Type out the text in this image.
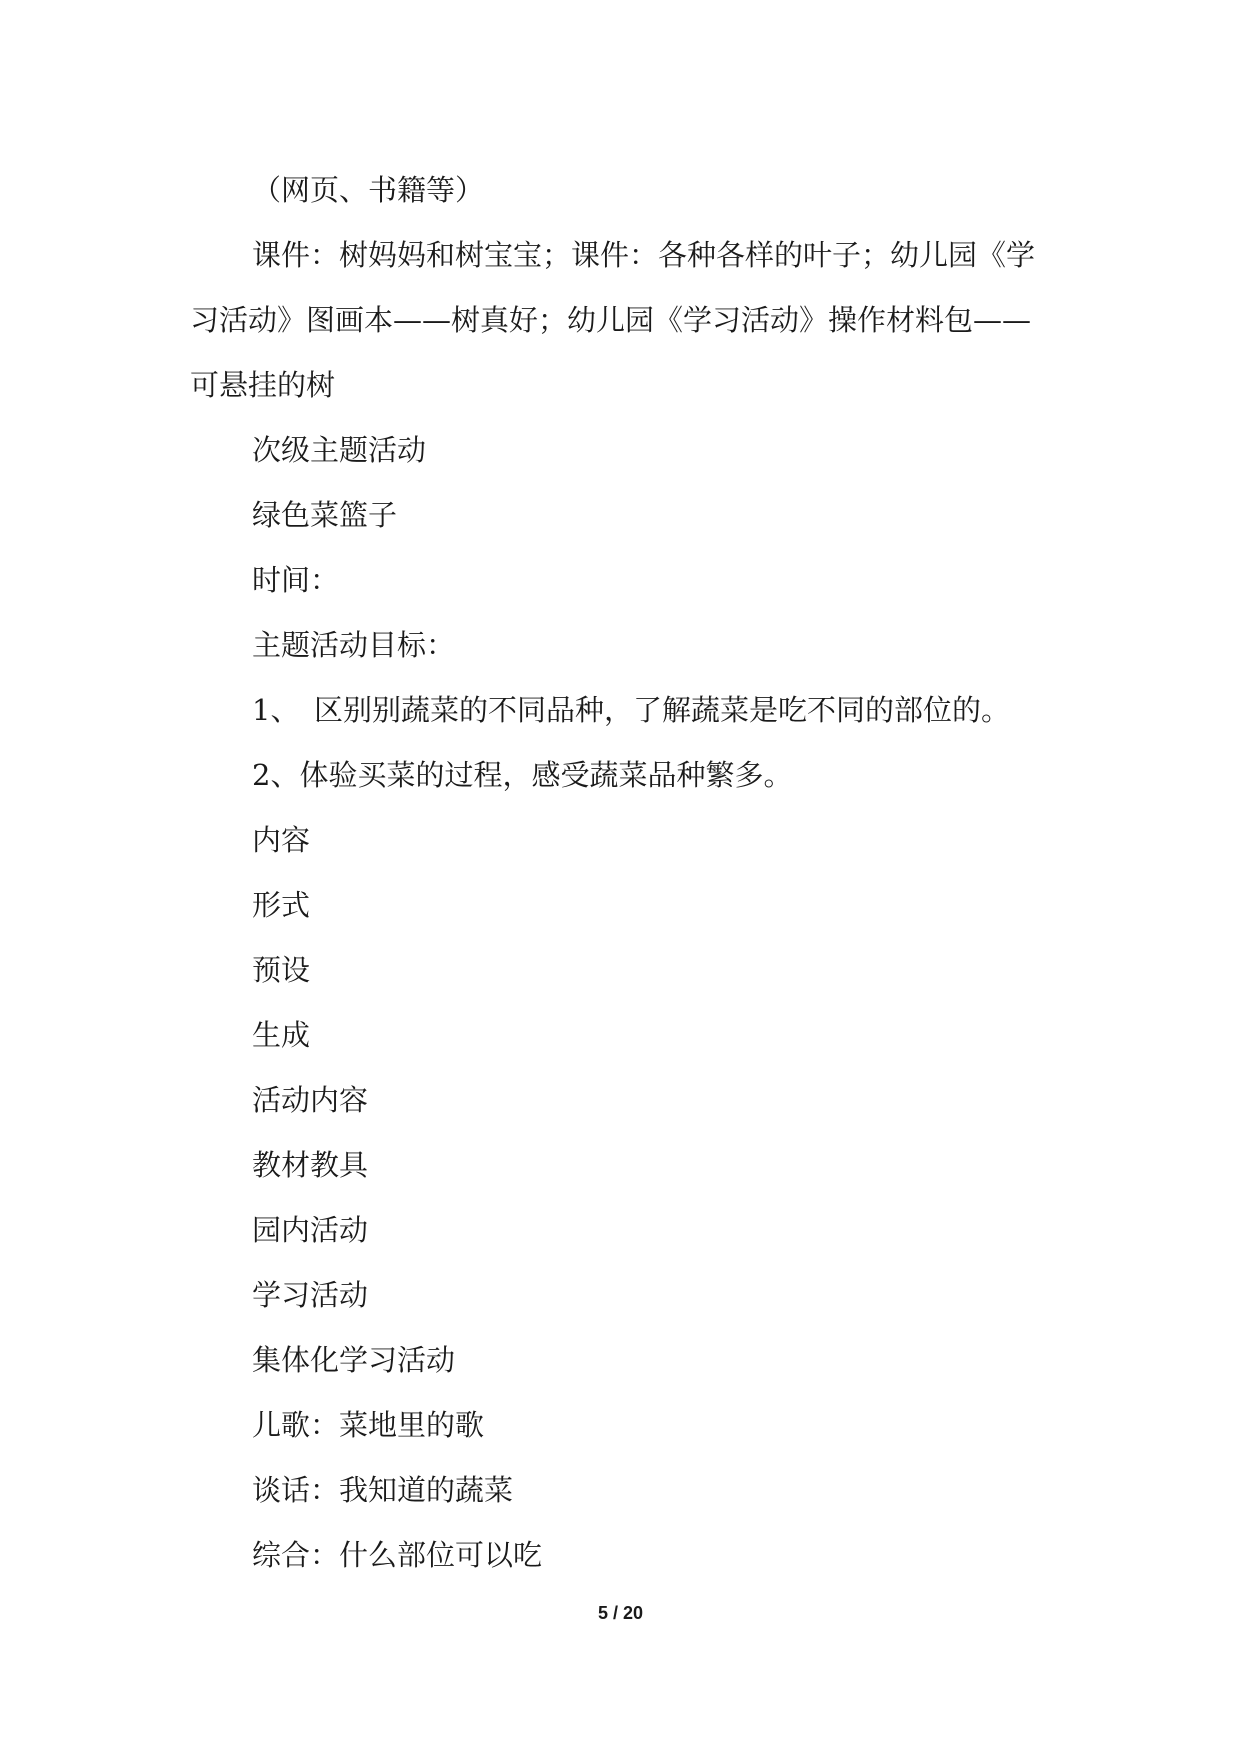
（网页、书籍等）

课件：树妈妈和树宝宝；课件：各种各样的叶子；幼儿园《学习活动》图画本——树真好；幼儿园《学习活动》操作材料包——可悬挂的树

次级主题活动

绿色菜篮子

时间：

主题活动目标：

1、　区别别蔬菜的不同品种，了解蔬菜是吃不同的部位的。

2、体验买菜的过程，感受蔬菜品种繁多。

内容

形式

预设

生成

活动内容

教材教具

园内活动

学习活动

集体化学习活动

儿歌：菜地里的歌

谈话：我知道的蔬菜

综合：什么部位可以吃

5 / 20
